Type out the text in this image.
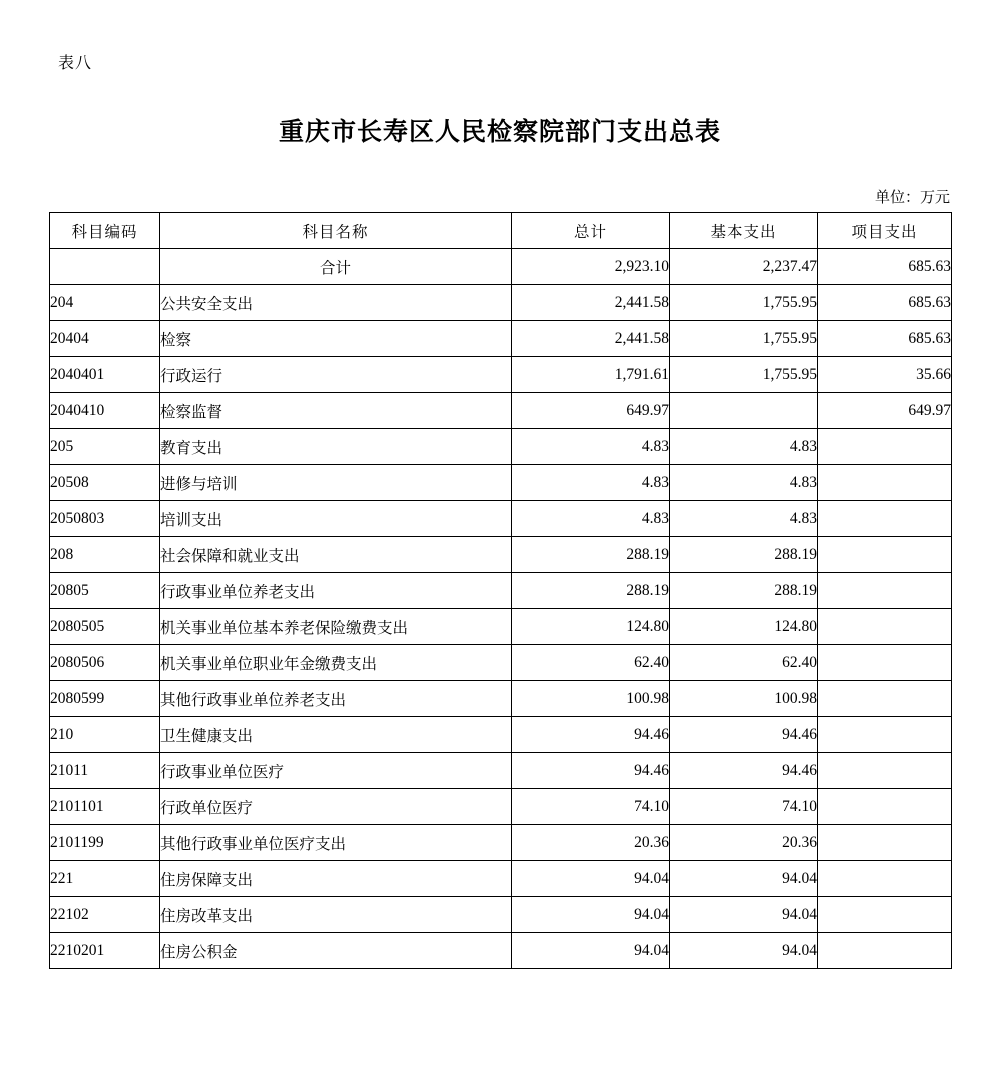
表八
重庆市长寿区人民检察院部门支出总表
单位：万元
科目编码	科目名称	总计	基本支出	项目支出
	合计	2,923.10	2,237.47	685.63
204	公共安全支出	2,441.58	1,755.95	685.63
20404	检察	2,441.58	1,755.95	685.63
2040401	行政运行	1,791.61	1,755.95	35.66
2040410	检察监督	649.97		649.97
205	教育支出	4.83	4.83	
20508	进修与培训	4.83	4.83	
2050803	培训支出	4.83	4.83	
208	社会保障和就业支出	288.19	288.19	
20805	行政事业单位养老支出	288.19	288.19	
2080505	机关事业单位基本养老保险缴费支出	124.80	124.80	
2080506	机关事业单位职业年金缴费支出	62.40	62.40	
2080599	其他行政事业单位养老支出	100.98	100.98	
210	卫生健康支出	94.46	94.46	
21011	行政事业单位医疗	94.46	94.46	
2101101	行政单位医疗	74.10	74.10	
2101199	其他行政事业单位医疗支出	20.36	20.36	
221	住房保障支出	94.04	94.04	
22102	住房改革支出	94.04	94.04	
2210201	住房公积金	94.04	94.04	
